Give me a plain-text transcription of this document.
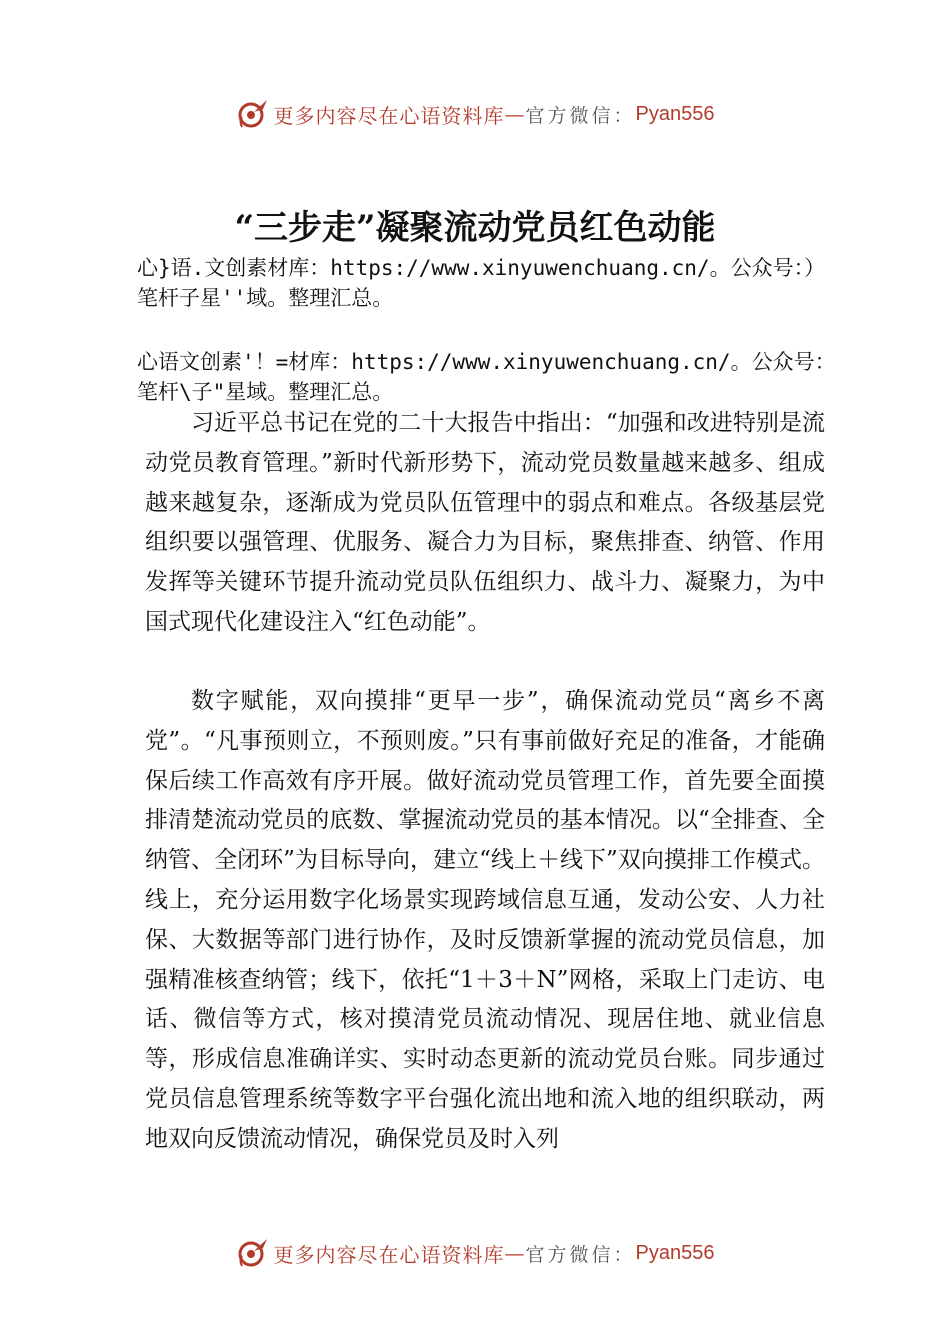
更多内容尽在心语资料库 — 官方微信： Pyan556
“三步走”凝聚流动党员红色动能

心}语.文创素材库：https://www.xinyuwenchuang.cn/。公众号：）笔杆子星''域。整理汇总。

心语文创素'！=材库：https://www.xinyuwenchuang.cn/。公众号：笔杆\子"星域。整理汇总。

习近平总书记在党的二十大报告中指出：“加强和改进特别是流动党员教育管理。”新时代新形势下，流动党员数量越来越多、组成越来越复杂，逐渐成为党员队伍管理中的弱点和难点。各级基层党组织要以强管理、优服务、凝合力为目标，聚焦排查、纳管、作用发挥等关键环节提升流动党员队伍组织力、战斗力、凝聚力，为中国式现代化建设注入“红色动能”。

数字赋能，双向摸排“更早一步”，确保流动党员“离乡不离党”。“凡事预则立，不预则废。”只有事前做好充足的准备，才能确保后续工作高效有序开展。做好流动党员管理工作，首先要全面摸排清楚流动党员的底数、掌握流动党员的基本情况。以“全排查、全纳管、全闭环”为目标导向，建立“线上＋线下”双向摸排工作模式。线上，充分运用数字化场景实现跨域信息互通，发动公安、人力社保、大数据等部门进行协作，及时反馈新掌握的流动党员信息，加强精准核查纳管；线下，依托“1＋3＋N”网格，采取上门走访、电话、微信等方式，核对摸清党员流动情况、现居住地、就业信息等，形成信息准确详实、实时动态更新的流动党员台账。同步通过党员信息管理系统等数字平台强化流出地和流入地的组织联动，两地双向反馈流动情况，确保党员及时入列

更多内容尽在心语资料库 — 官方微信： Pyan556
